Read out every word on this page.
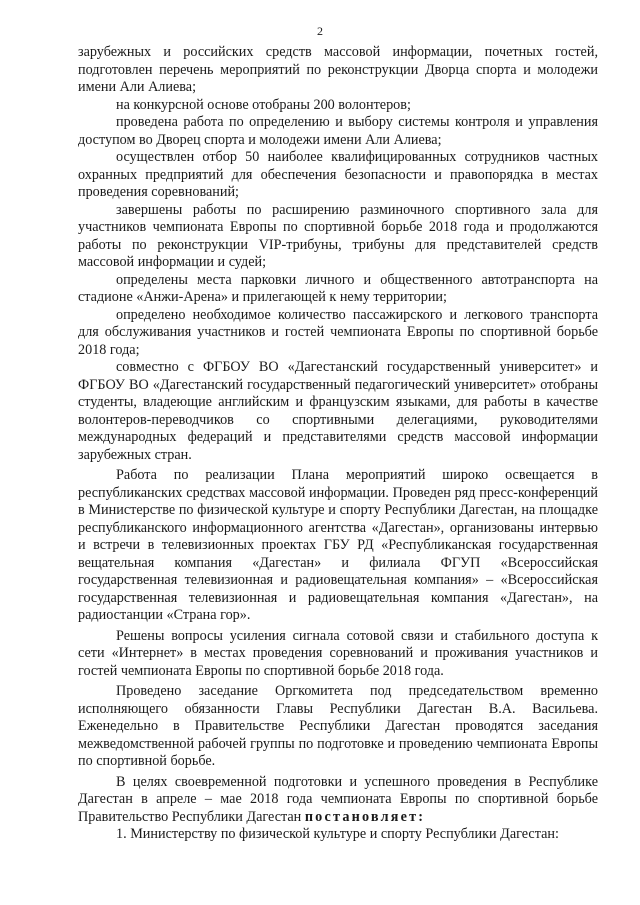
2

зарубежных и российских средств массовой информации, почетных гостей, подготовлен перечень мероприятий по реконструкции Дворца спорта и молодежи имени Али Алиева;

на конкурсной основе отобраны 200 волонтеров;

проведена работа по определению и выбору системы контроля и управления доступом во Дворец спорта и молодежи имени Али Алиева;

осуществлен отбор 50 наиболее квалифицированных сотрудников частных охранных предприятий для обеспечения безопасности и правопорядка в местах проведения соревнований;

завершены работы по расширению разминочного спортивного зала для участников чемпионата Европы по спортивной борьбе 2018 года и продолжаются работы по реконструкции VIP-трибуны, трибуны для представителей средств массовой информации и судей;

определены места парковки личного и общественного автотранспорта на стадионе «Анжи-Арена» и прилегающей к нему территории;

определено необходимое количество пассажирского и легкового транспорта для обслуживания участников и гостей чемпионата Европы по спортивной борьбе 2018 года;

совместно с ФГБОУ ВО «Дагестанский государственный университет» и ФГБОУ ВО «Дагестанский государственный педагогический университет» отобраны студенты, владеющие английским и французским языками, для работы в качестве волонтеров-переводчиков со спортивными делегациями, руководителями международных федераций и представителями средств массовой информации зарубежных стран.

Работа по реализации Плана мероприятий широко освещается в республиканских средствах массовой информации. Проведен ряд пресс-конференций в Министерстве по физической культуре и спорту Республики Дагестан, на площадке республиканского информационного агентства «Дагестан», организованы интервью и встречи в телевизионных проектах ГБУ РД «Республиканская государственная вещательная компания «Дагестан» и филиала ФГУП «Всероссийская государственная телевизионная и радиовещательная компания» – «Всероссийская государственная телевизионная и радиовещательная компания «Дагестан», на радиостанции «Страна гор».

Решены вопросы усиления сигнала сотовой связи и стабильного доступа к сети «Интернет» в местах проведения соревнований и проживания участников и гостей чемпионата Европы по спортивной борьбе 2018 года.

Проведено заседание Оргкомитета под председательством временно исполняющего обязанности Главы Республики Дагестан В.А. Васильева. Еженедельно в Правительстве Республики Дагестан проводятся заседания межведомственной рабочей группы по подготовке и проведению чемпионата Европы по спортивной борьбе.

В целях своевременной подготовки и успешного проведения в Республике Дагестан в апреле – мае 2018 года чемпионата Европы по спортивной борьбе Правительство Республики Дагестан постановляет:

1. Министерству по физической культуре и спорту Республики Дагестан:
